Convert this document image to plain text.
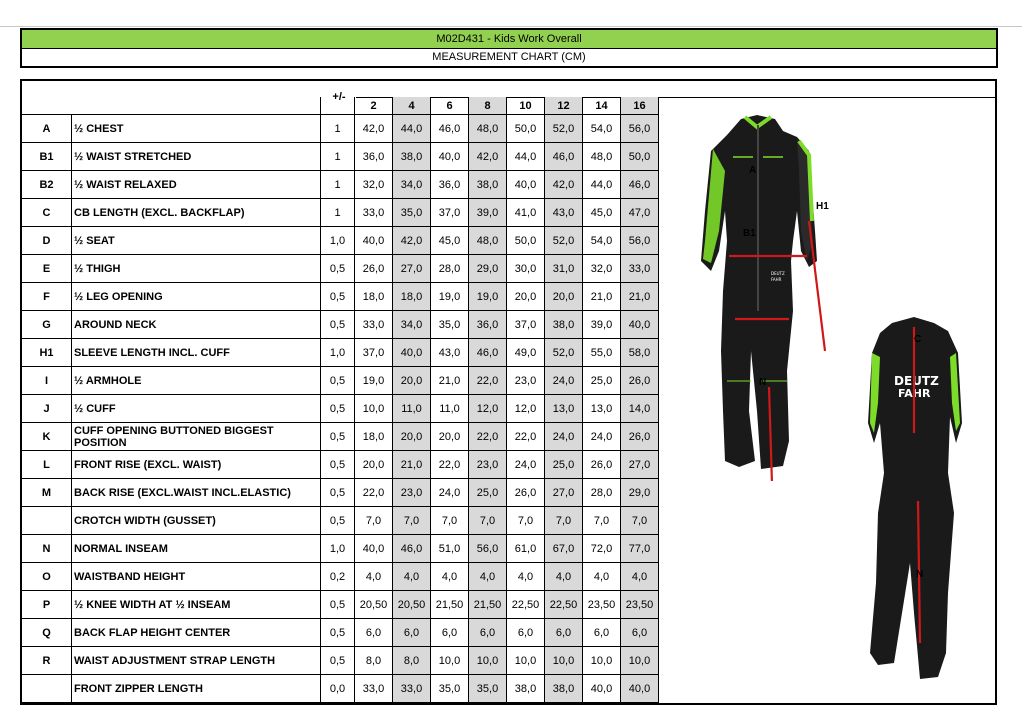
M02D431 - Kids Work Overall
MEASUREMENT CHART (CM)
+/-
			2	4	6	8	10	12	14	16
A	½ CHEST	1	42,0	44,0	46,0	48,0	50,0	52,0	54,0	56,0
B1	½ WAIST STRETCHED	1	36,0	38,0	40,0	42,0	44,0	46,0	48,0	50,0
B2	½ WAIST RELAXED	1	32,0	34,0	36,0	38,0	40,0	42,0	44,0	46,0
C	CB LENGTH (EXCL. BACKFLAP)	1	33,0	35,0	37,0	39,0	41,0	43,0	45,0	47,0
D	½ SEAT	1,0	40,0	42,0	45,0	48,0	50,0	52,0	54,0	56,0
E	½ THIGH	0,5	26,0	27,0	28,0	29,0	30,0	31,0	32,0	33,0
F	½ LEG OPENING	0,5	18,0	18,0	19,0	19,0	20,0	20,0	21,0	21,0
G	AROUND NECK	0,5	33,0	34,0	35,0	36,0	37,0	38,0	39,0	40,0
H1	SLEEVE LENGTH INCL. CUFF	1,0	37,0	40,0	43,0	46,0	49,0	52,0	55,0	58,0
I	½ ARMHOLE	0,5	19,0	20,0	21,0	22,0	23,0	24,0	25,0	26,0
J	½ CUFF	0,5	10,0	11,0	11,0	12,0	12,0	13,0	13,0	14,0
K	CUFF OPENING BUTTONED BIGGEST POSITION	0,5	18,0	20,0	20,0	22,0	22,0	24,0	24,0	26,0
L	FRONT RISE (EXCL. WAIST)	0,5	20,0	21,0	22,0	23,0	24,0	25,0	26,0	27,0
M	BACK RISE (EXCL.WAIST INCL.ELASTIC)	0,5	22,0	23,0	24,0	25,0	26,0	27,0	28,0	29,0
	CROTCH WIDTH (GUSSET)	0,5	7,0	7,0	7,0	7,0	7,0	7,0	7,0	7,0
N	NORMAL INSEAM	1,0	40,0	46,0	51,0	56,0	61,0	67,0	72,0	77,0
O	WAISTBAND HEIGHT	0,2	4,0	4,0	4,0	4,0	4,0	4,0	4,0	4,0
P	½ KNEE WIDTH AT ½ INSEAM	0,5	20,50	20,50	21,50	21,50	22,50	22,50	23,50	23,50
Q	BACK FLAP HEIGHT CENTER	0,5	6,0	6,0	6,0	6,0	6,0	6,0	6,0	6,0
R	WAIST ADJUSTMENT STRAP LENGTH	0,5	8,0	8,0	10,0	10,0	10,0	10,0	10,0	10,0
	FRONT ZIPPER LENGTH	0,0	33,0	33,0	35,0	35,0	38,0	38,0	40,0	40,0
DEUTZ
FAHR
DEUTZ
FAHR
A
B1
H1
N
C
N
